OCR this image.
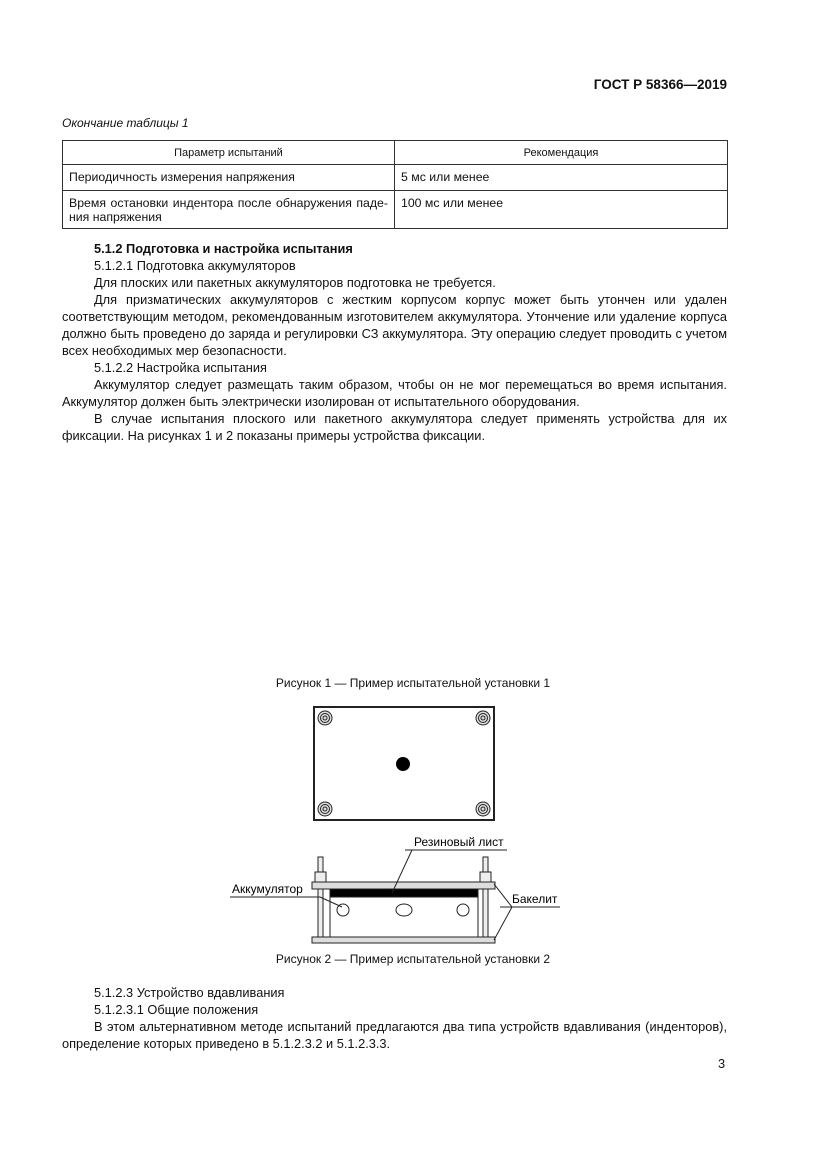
ГОСТ Р 58366—2019
Окончание таблицы 1
Параметр испытаний	Рекомендация
Периодичность измерения напряжения	5 мс или менее
Время остановки индентора после обнаружения паде-ния напряжения	100 мс или менее

5.1.2 Подготовка и настройка испытания

5.1.2.1 Подготовка аккумуляторов

Для плоских или пакетных аккумуляторов подготовка не требуется.

Для призматических аккумуляторов с жестким корпусом корпус может быть утончен или удален соответствующим методом, рекомендованным изготовителем аккумулятора. Утончение или удаление корпуса должно быть проведено до заряда и регулировки СЗ аккумулятора. Эту операцию следует проводить с учетом всех необходимых мер безопасности.

5.1.2.2 Настройка испытания

Аккумулятор следует размещать таким образом, чтобы он не мог перемещаться во время испытания. Аккумулятор должен быть электрически изолирован от испытательного оборудования.

В случае испытания плоского или пакетного аккумулятора следует применять устройства для их фиксации. На рисунках 1 и 2 показаны примеры устройства фиксации.

Рисунок 1 — Пример испытательной установки 1
Резиновый лист
Аккумулятор
Бакелит
Рисунок 2 — Пример испытательной установки 2

5.1.2.3 Устройство вдавливания

5.1.2.3.1 Общие положения

В этом альтернативном методе испытаний предлагаются два типа устройств вдавливания (инденторов), определение которых приведено в 5.1.2.3.2 и 5.1.2.3.3.

3
